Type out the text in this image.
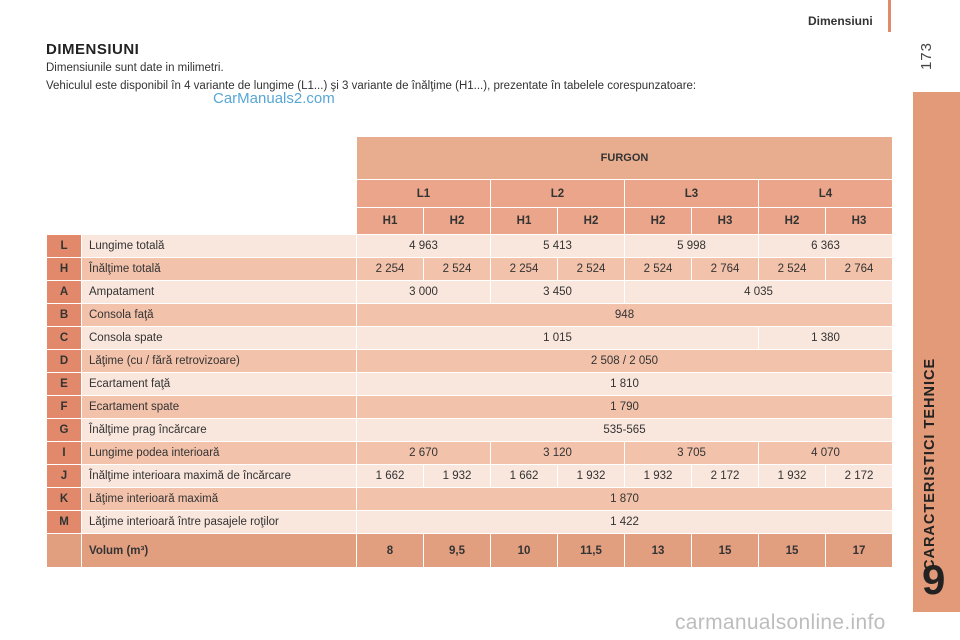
Dimensiuni
173
CARACTERISTICI TEHNICE
9
DIMENSIUNI
Dimensiunile sunt date in milimetri.
Vehiculul este disponibil în 4 variante de lungime (L1...) şi 3 variante de înălţime (H1...), prezentate în tabelele corespunzatoare:
CarManuals2.com
		FURGON							
		L1		L2		L3		L4	
		H1	H2	H1	H2	H2	H3	H2	H3
L	Lungime totală	4 963		5 413		5 998		6 363	
H	Înălţime totală	2 254	2 524	2 254	2 524	2 524	2 764	2 524	2 764
A	Ampatament	3 000		3 450		4 035			
B	Consola faţă	948							
C	Consola spate	1 015						1 380	
D	Lăţime (cu / fără retrovizoare)	2 508 / 2 050							
E	Ecartament faţă	1 810							
F	Ecartament spate	1 790							
G	Înălţime prag încărcare	535-565							
I	Lungime podea interioară	2 670		3 120		3 705		4 070	
J	Înălţime interioara maximă de încărcare	1 662	1 932	1 662	1 932	1 932	2 172	1 932	2 172
K	Lăţime interioară maximă	1 870							
M	Lăţime interioară între pasajele roţilor	1 422							
	Volum (m³)	8	9,5	10	11,5	13	15	15	17
carmanualsonline.info
